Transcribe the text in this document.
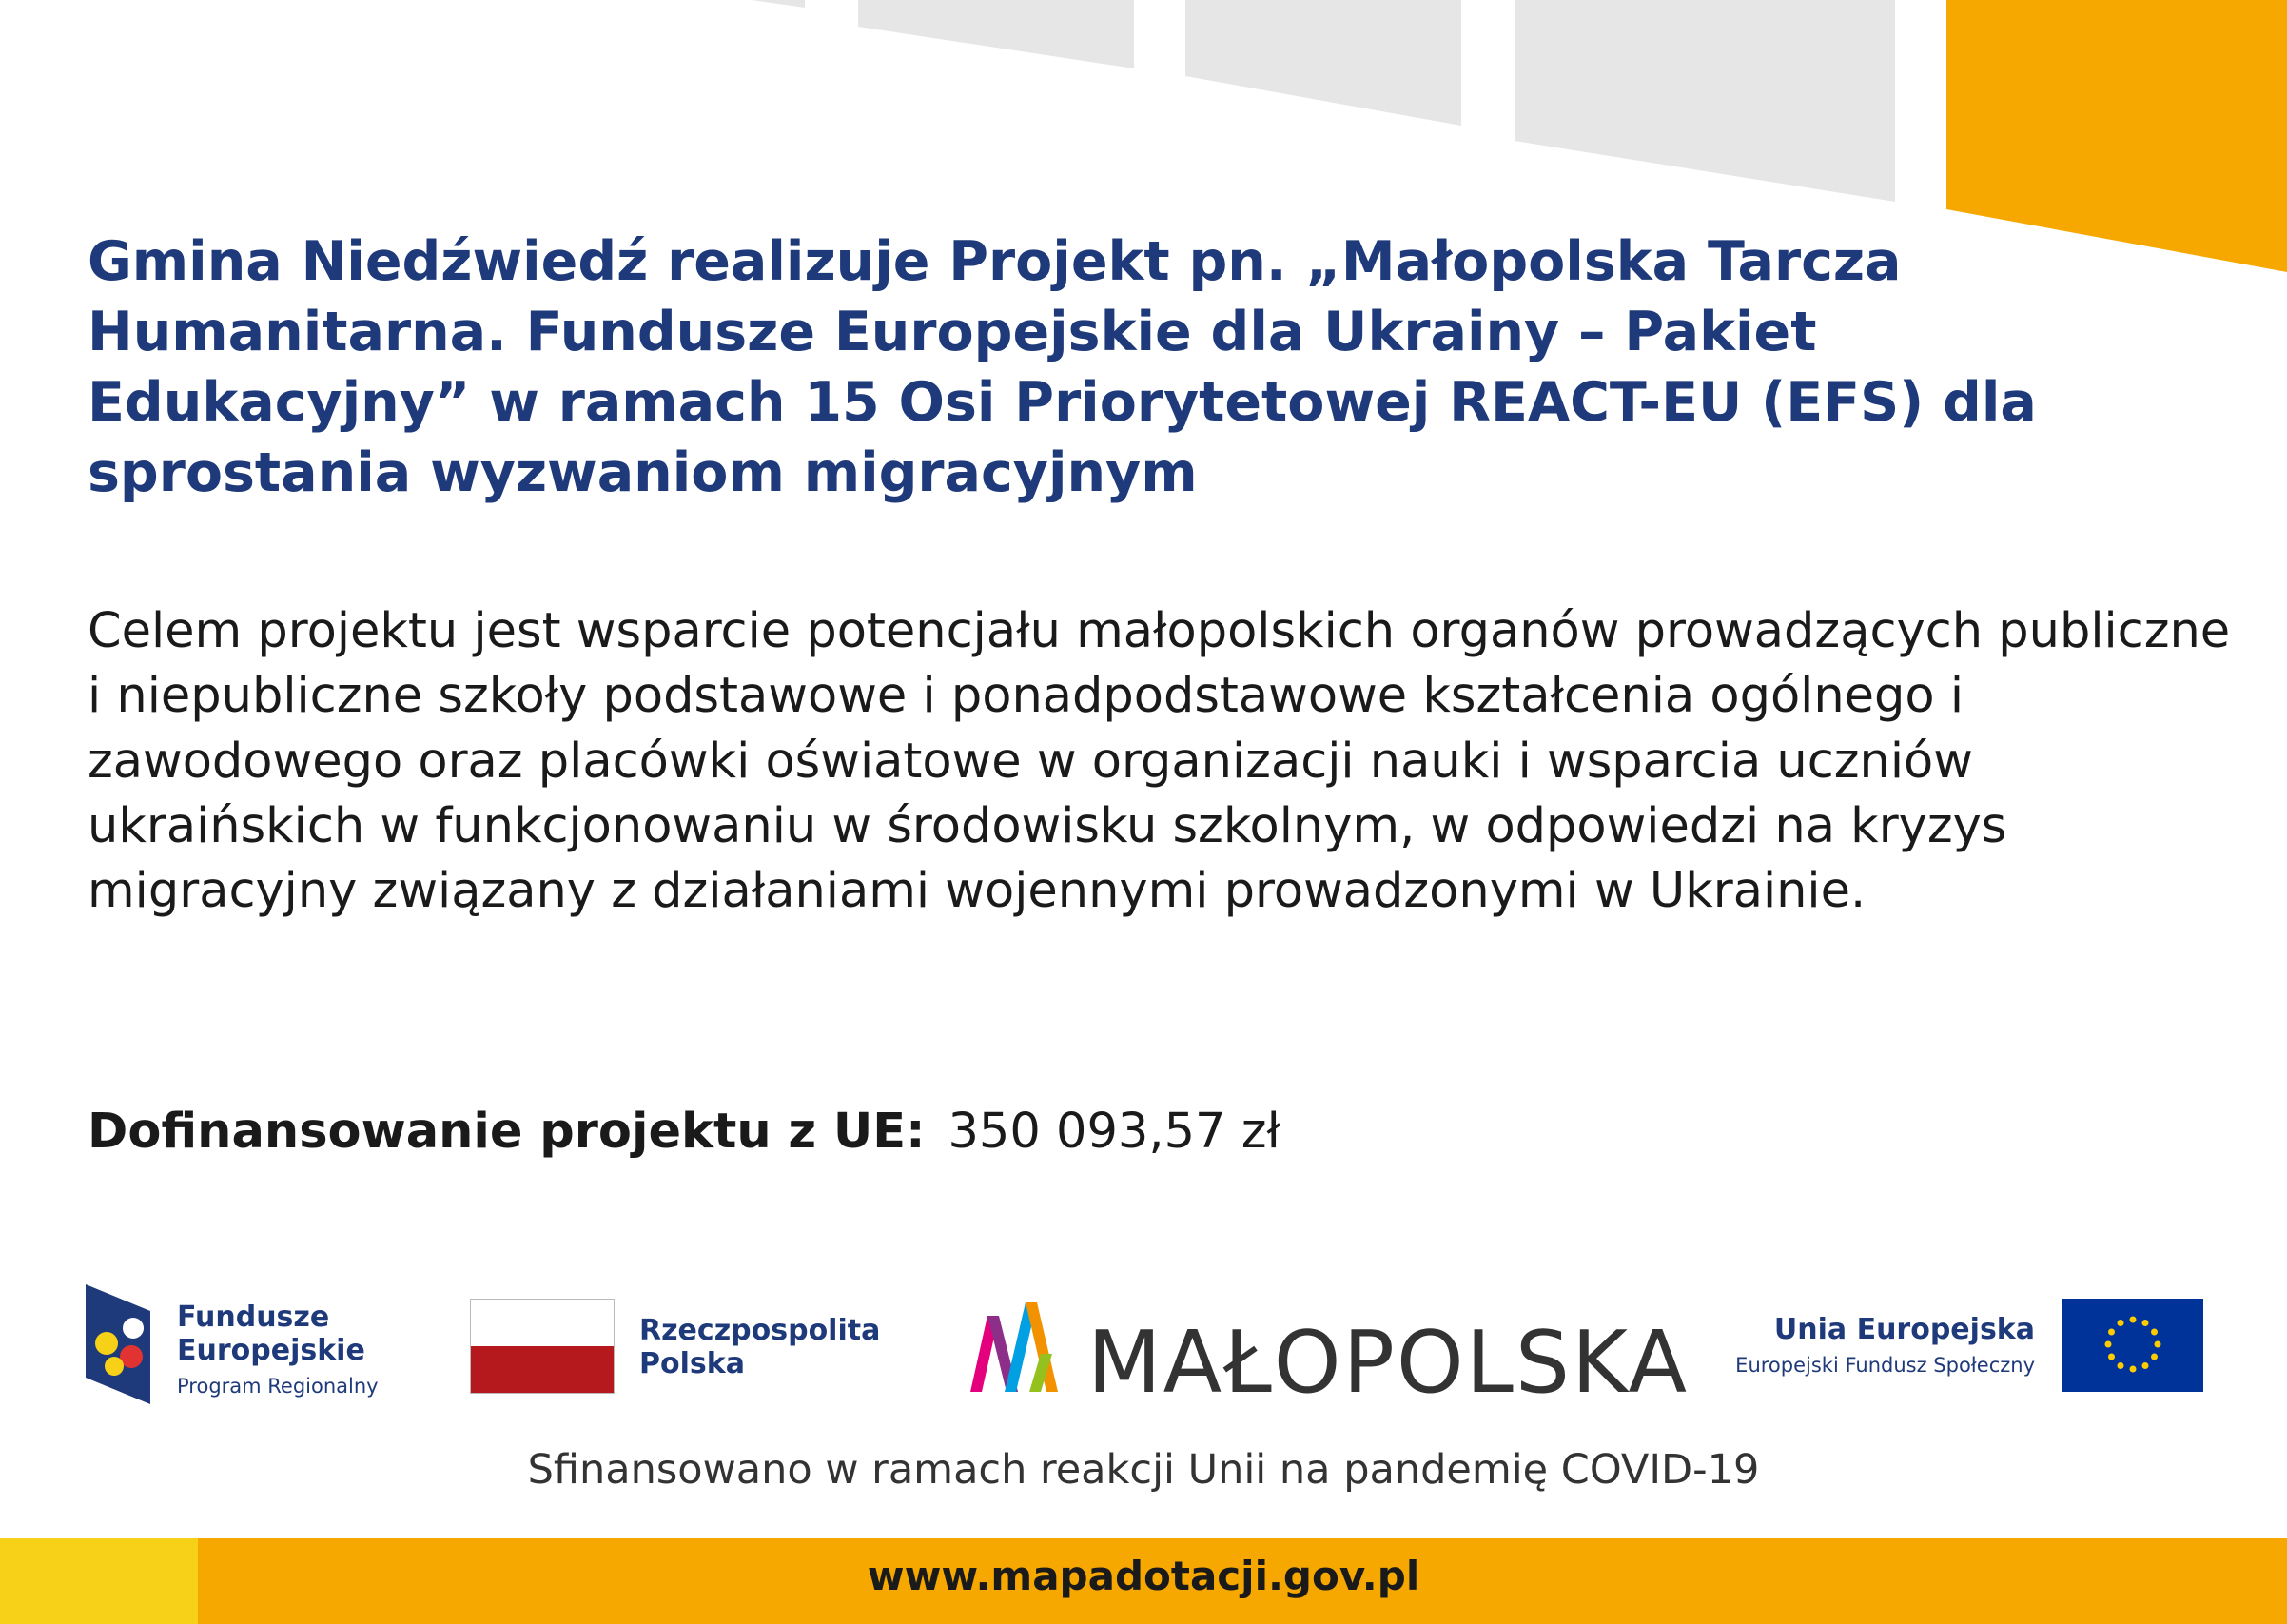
Gmina Niedźwiedź realizuje Projekt pn. „Małopolska Tarcza Humanitarna. Fundusze Europejskie dla Ukrainy – Pakiet Edukacyjny” w ramach 15 Osi Priorytetowej REACT-EU (EFS) dla sprostania wyzwaniom migracyjnym

Celem projektu jest wsparcie potencjału małopolskich organów prowadzących publiczne i niepubliczne szkoły podstawowe i ponadpodstawowe kształcenia ogólnego i zawodowego oraz placówki oświatowe w organizacji nauki i wsparcia uczniów ukraińskich w funkcjonowaniu w środowisku szkolnym, w odpowiedzi na kryzys migracyjny związany z działaniami wojennymi prowadzonymi w Ukrainie.

Dofinansowanie projektu z UE: 350 093,57 zł
Fundusze
Europejskie
Program Regionalny
Rzeczpospolita
Polska	MAŁOPOLSKA	Unia Europejska
Europejski Fundusz Społeczny
Sfinansowano w ramach reakcji Unii na pandemię COVID-19
www.mapadotacji.gov.pl
